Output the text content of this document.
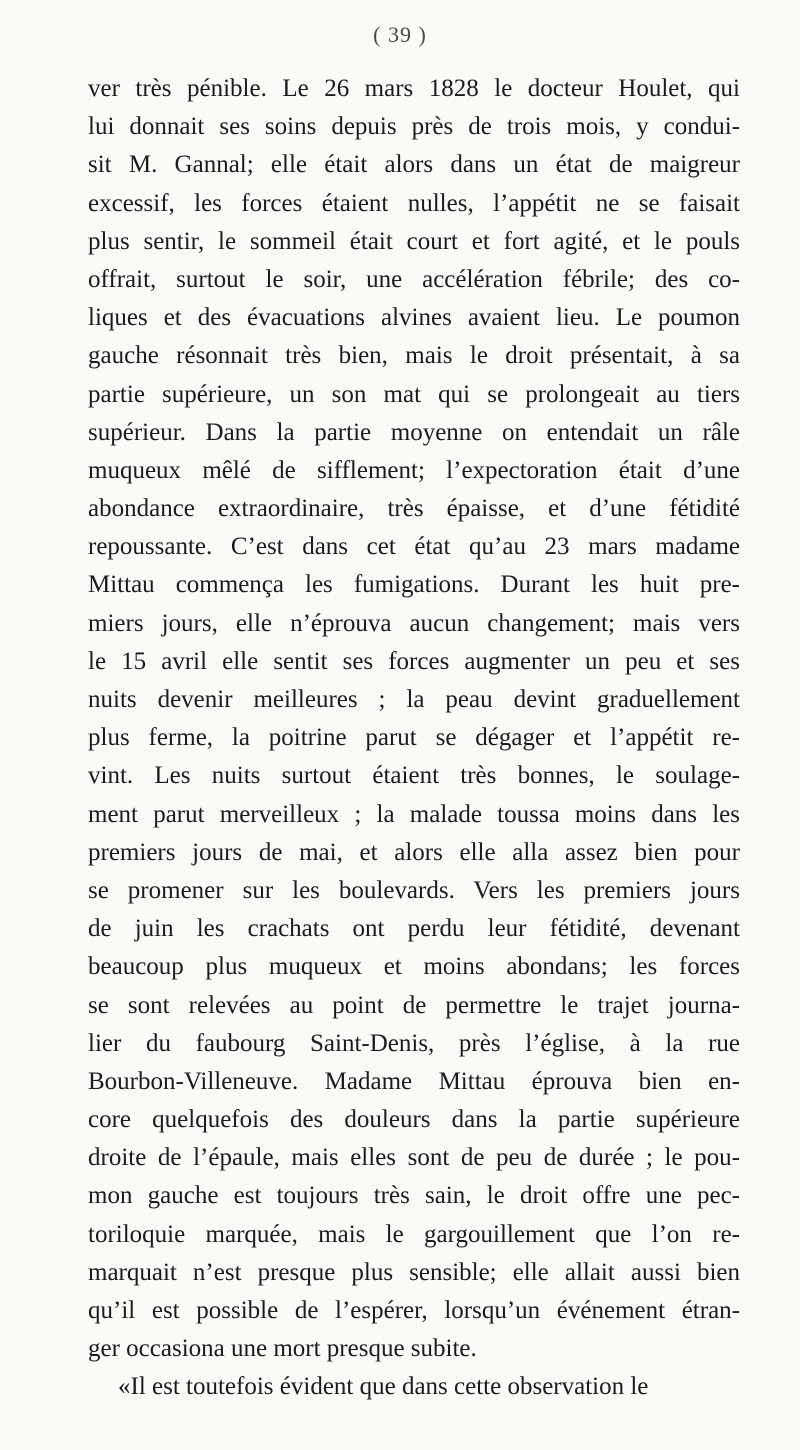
( 39 )
ver très pénible. Le 26 mars 1828 le docteur Houlet, qui
lui donnait ses soins depuis près de trois mois, y condui-
sit M. Gannal; elle était alors dans un état de maigreur
excessif, les forces étaient nulles, l’appétit ne se faisait
plus sentir, le sommeil était court et fort agité, et le pouls
offrait, surtout le soir, une accélération fébrile; des co-
liques et des évacuations alvines avaient lieu. Le poumon
gauche résonnait très bien, mais le droit présentait, à sa
partie supérieure, un son mat qui se prolongeait au tiers
supérieur. Dans la partie moyenne on entendait un râle
muqueux mêlé de sifflement; l’expectoration était d’une
abondance extraordinaire, très épaisse, et d’une fétidité
repoussante. C’est dans cet état qu’au 23 mars madame
Mittau commença les fumigations. Durant les huit pre-
miers jours, elle n’éprouva aucun changement; mais vers
le 15 avril elle sentit ses forces augmenter un peu et ses
nuits devenir meilleures ; la peau devint graduellement
plus ferme, la poitrine parut se dégager et l’appétit re-
vint. Les nuits surtout étaient très bonnes, le soulage-
ment parut merveilleux ; la malade toussa moins dans les
premiers jours de mai, et alors elle alla assez bien pour
se promener sur les boulevards. Vers les premiers jours
de juin les crachats ont perdu leur fétidité, devenant
beaucoup plus muqueux et moins abondans; les forces
se sont relevées au point de permettre le trajet journa-
lier du faubourg Saint-Denis, près l’église, à la rue
Bourbon-Villeneuve. Madame Mittau éprouva bien en-
core quelquefois des douleurs dans la partie supérieure
droite de l’épaule, mais elles sont de peu de durée ; le pou-
mon gauche est toujours très sain, le droit offre une pec-
toriloquie marquée, mais le gargouillement que l’on re-
marquait n’est presque plus sensible; elle allait aussi bien
qu’il est possible de l’espérer, lorsqu’un événement étran-
ger occasiona une mort presque subite.
«Il est toutefois évident que dans cette observation le
